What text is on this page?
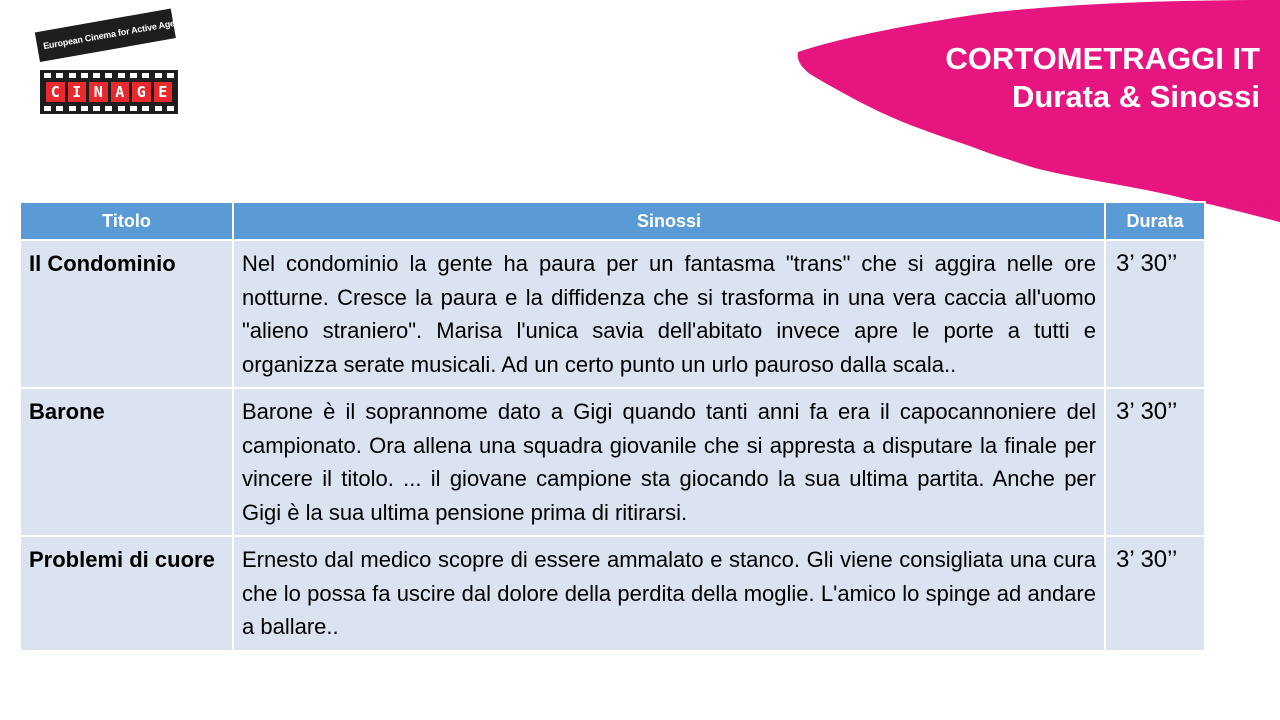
European Cinema for Active Ageing
C I N A G E
CORTOMETRAGGI IT
Durata & Sinossi
Titolo	Sinossi	Durata
Il Condominio	Nel condominio la gente ha paura per un fantasma "trans" che si aggira nelle ore notturne. Cresce la paura e la diffidenza che si trasforma in una vera caccia all'uomo "alieno straniero". Marisa l'unica savia dell'abitato invece apre le porte a tutti e organizza serate musicali. Ad un certo punto un urlo pauroso dalla scala..	3’ 30’’
Barone	Barone è il soprannome dato a Gigi quando tanti anni fa era il capocannoniere del campionato. Ora allena una squadra giovanile che si appresta a disputare la finale per vincere il titolo. ... il giovane campione sta giocando la sua ultima partita. Anche per Gigi è la sua ultima pensione prima di ritirarsi.	3’ 30’’
Problemi di cuore	Ernesto dal medico scopre di essere ammalato e stanco. Gli viene consigliata una cura che lo possa fa uscire dal dolore della perdita della moglie. L'amico lo spinge ad andare a ballare..	3’ 30’’
